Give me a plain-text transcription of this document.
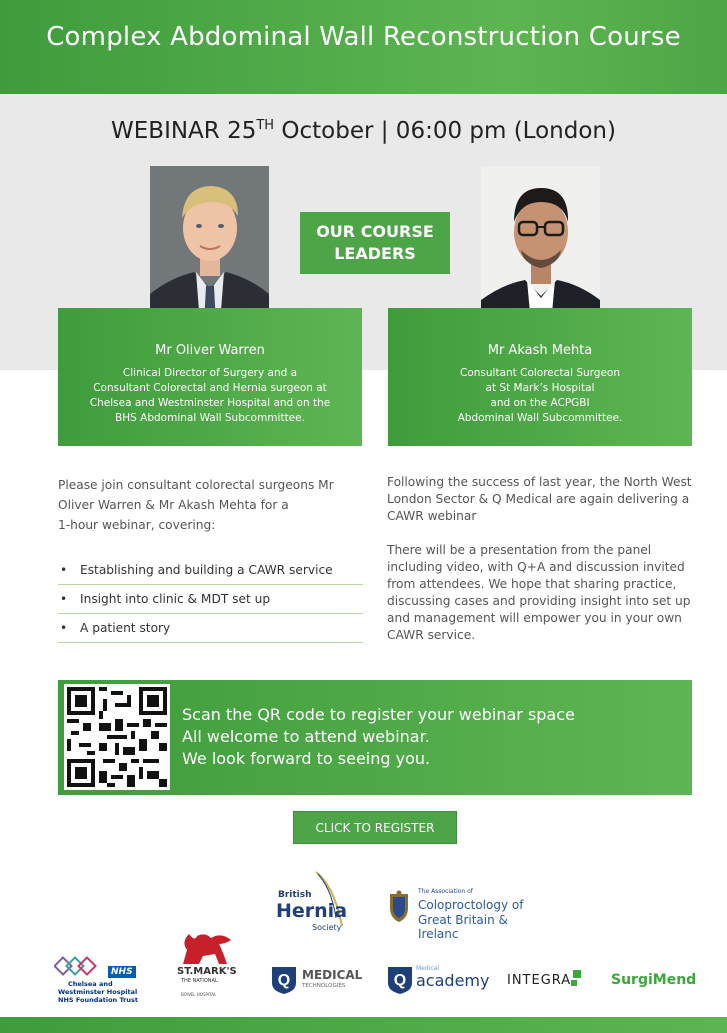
Complex Abdominal Wall Reconstruction Course
WEBINAR 25TH October | 06:00 pm (London)
OUR COURSE
LEADERS
Mr Oliver Warren
Clinical Director of Surgery and a
Consultant Colorectal and Hernia surgeon at
Chelsea and Westminster Hospital and on the
BHS Abdominal Wall Subcommittee.
Mr Akash Mehta
Consultant Colorectal Surgeon
at St Mark’s Hospital
and on the ACPGBI
Abdominal Wall Subcommittee.
Please join consultant colorectal surgeons Mr
Oliver Warren & Mr Akash Mehta for a
1-hour webinar, covering:
• Establishing and building a CAWR service
• Insight into clinic & MDT set up
• A patient story

Following the success of last year, the North West London Sector & Q Medical are again delivering a CAWR webinar

There will be a presentation from the panel including video, with Q+A and discussion invited from attendees. We hope that sharing practice, discussing cases and providing insight into set up and management will empower you in your own CAWR service.

Scan the QR code to register your webinar space
All welcome to attend webinar.
We look forward to seeing you.
CLICK TO REGISTER
British
Hernia
Society
The Association of
Coloproctology of
Great Britain & Irelanc
NHS
Chelsea and
Westminster Hospital
NHS Foundation Trust
ST.MARK'S
THE NATIONAL
BOWEL HOSPITAL
Q MEDICAL
TECHNOLOGIES	Q
Medical
academy INTEGRA	SurgiMend
